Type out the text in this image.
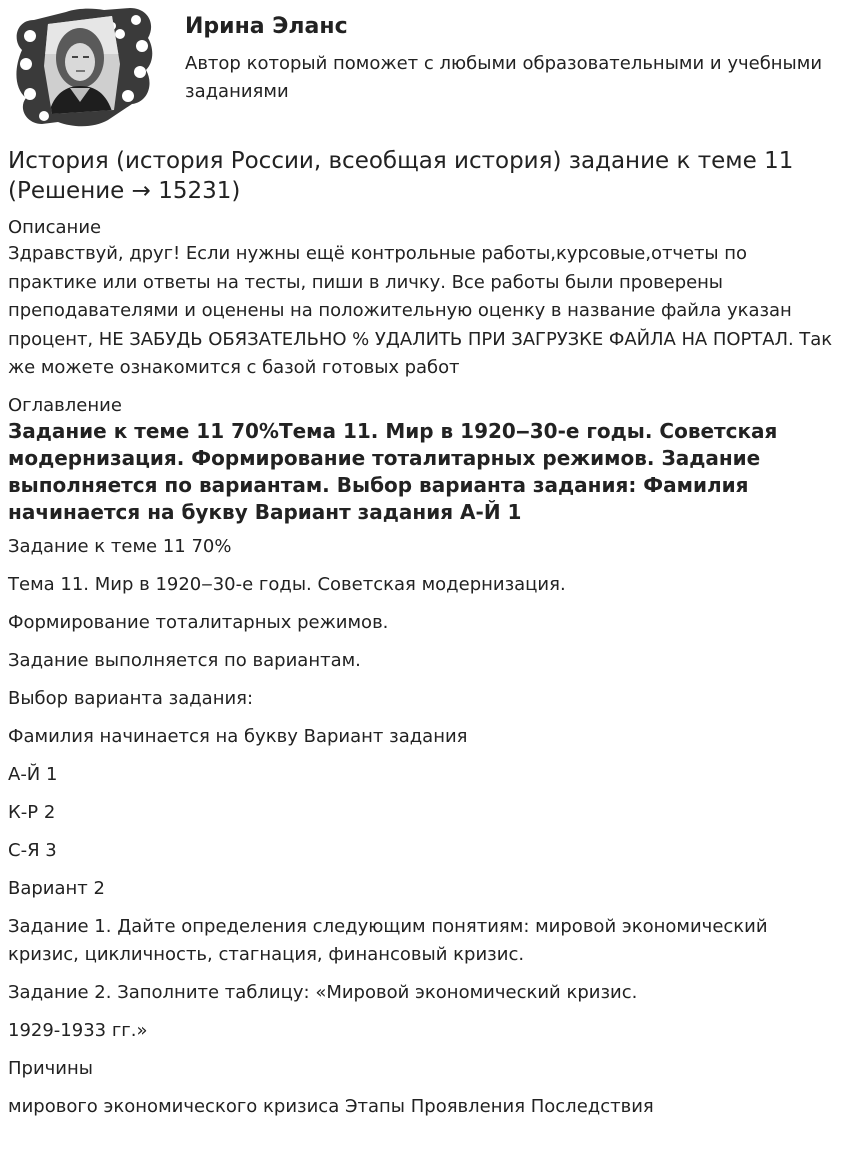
Ирина Эланс
Автор который поможет с любыми образовательными и учебными заданиями
История (история России, всеобщая история) задание к теме 11 (Решение → 15231)
Описание

Здравствуй, друг! Если нужны ещё контрольные работы,курсовые,отчеты по практике или ответы на тесты, пиши в личку. Все работы были проверены преподавателями и оценены на положительную оценку в название файла указан процент, НЕ ЗАБУДЬ ОБЯЗАТЕЛЬНО % УДАЛИТЬ ПРИ ЗАГРУЗКЕ ФАЙЛА НА ПОРТАЛ. Так же можете ознакомится с базой готовых работ

Оглавление
Задание к теме 11 70%Тема 11. Мир в 1920‒30-е годы. Советская модернизация. Формирование тоталитарных режимов. Задание выполняется по вариантам. Выбор варианта задания: Фамилия начинается на букву Вариант задания А-Й 1

Задание к теме 11 70%

Тема 11. Мир в 1920‒30-е годы. Советская модернизация.

Формирование тоталитарных режимов.

Задание выполняется по вариантам.

Выбор варианта задания:

Фамилия начинается на букву Вариант задания

А-Й 1

К-Р 2

С-Я 3

Вариант 2

Задание 1. Дайте определения следующим понятиям: мировой экономический кризис, цикличность, стагнация, финансовый кризис.

Задание 2. Заполните таблицу: «Мировой экономический кризис.

1929-1933 гг.»

Причины

мирового экономического кризиса Этапы Проявления Последствия
